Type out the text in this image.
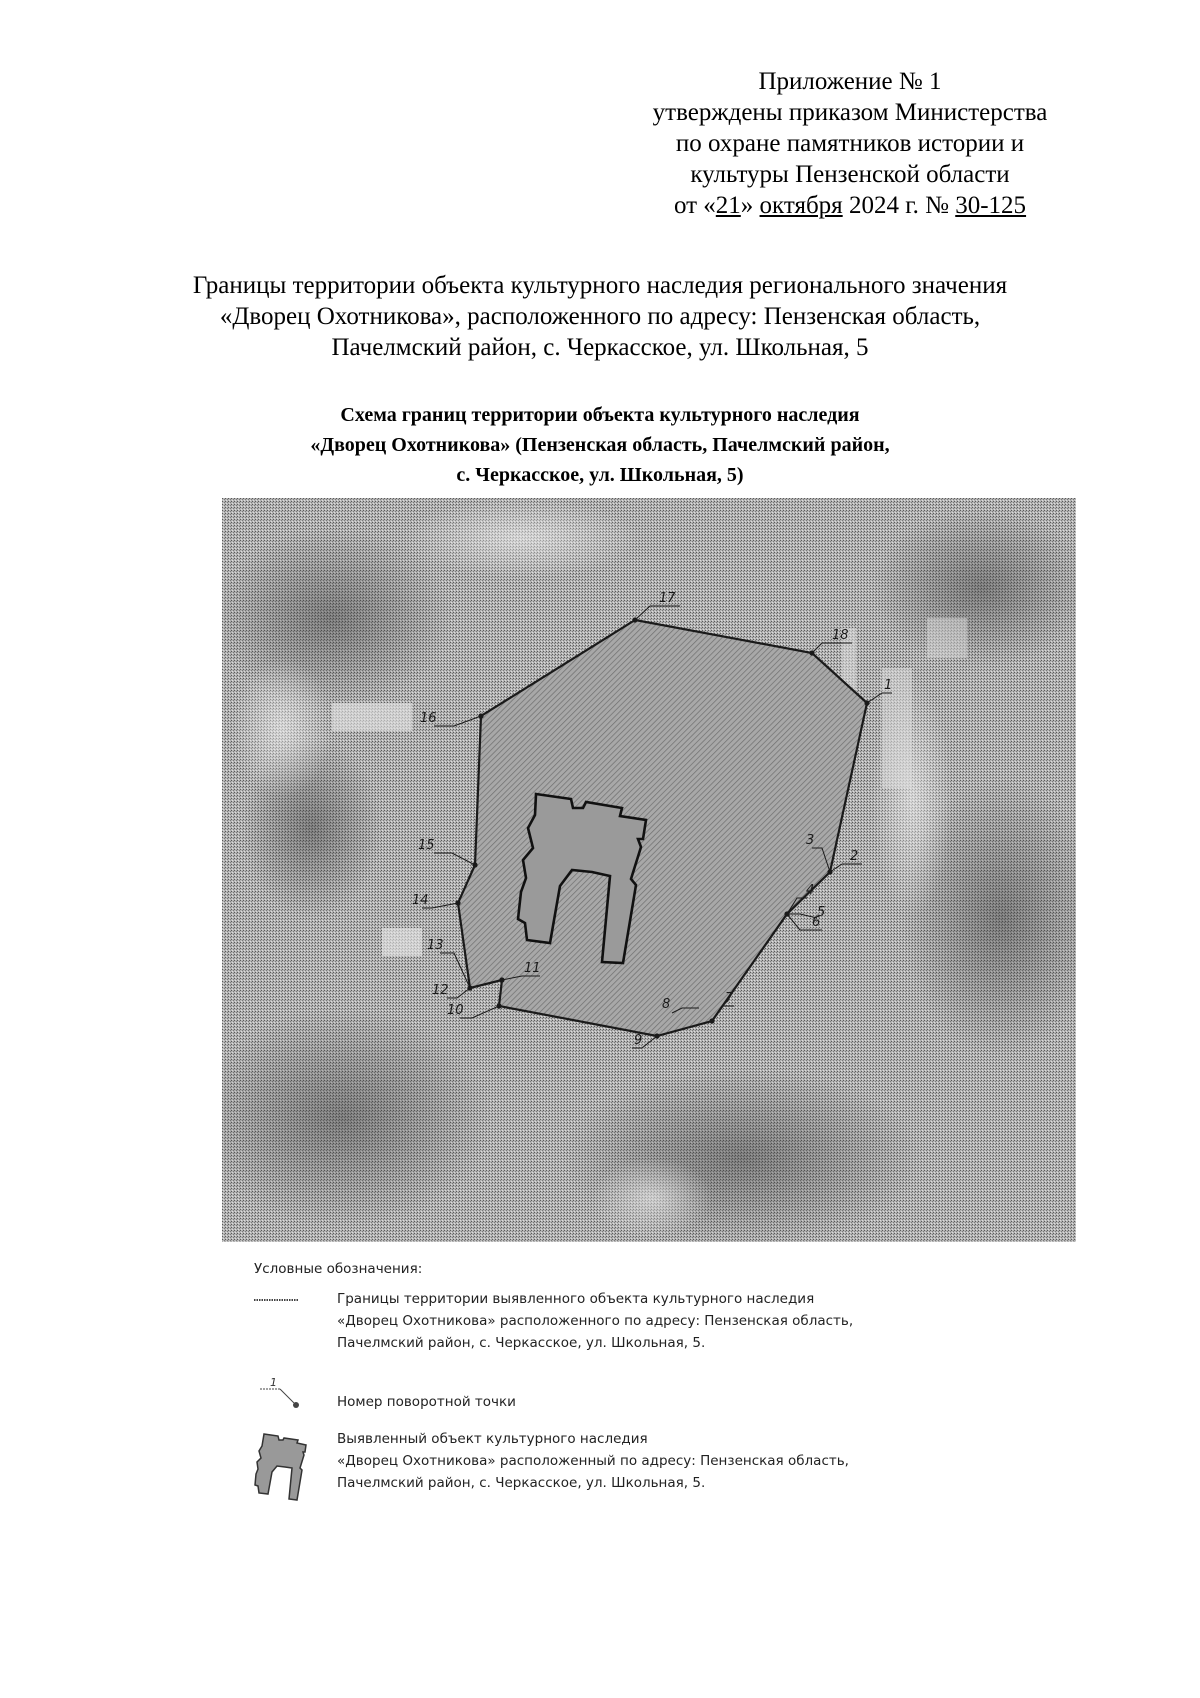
Приложение № 1
утверждены приказом Министерства
по охране памятников истории и
культуры Пензенской области
от «21» октября 2024 г. № 30-125
Границы территории объекта культурного наследия регионального значения
«Дворец Охотникова», расположенного по адресу: Пензенская область,
Пачелмский район, с. Черкасское, ул. Школьная, 5
Схема границ территории объекта культурного наследия
«Дворец Охотникова» (Пензенская область, Пачелмский район,
с. Черкасское, ул. Школьная, 5)
17
18
1
2
3
4
5
6
7
8
9
10
11
12
13
14
15
16
Условные обозначения:
Границы территории выявленного объекта культурного наследия
«Дворец Охотникова» расположенного по адресу: Пензенская область,
Пачелмский район, с. Черкасское, ул. Школьная, 5.
1
Номер поворотной точки
Выявленный объект культурного наследия
«Дворец Охотникова» расположенный по адресу: Пензенская область,
Пачелмский район, с. Черкасское, ул. Школьная, 5.
